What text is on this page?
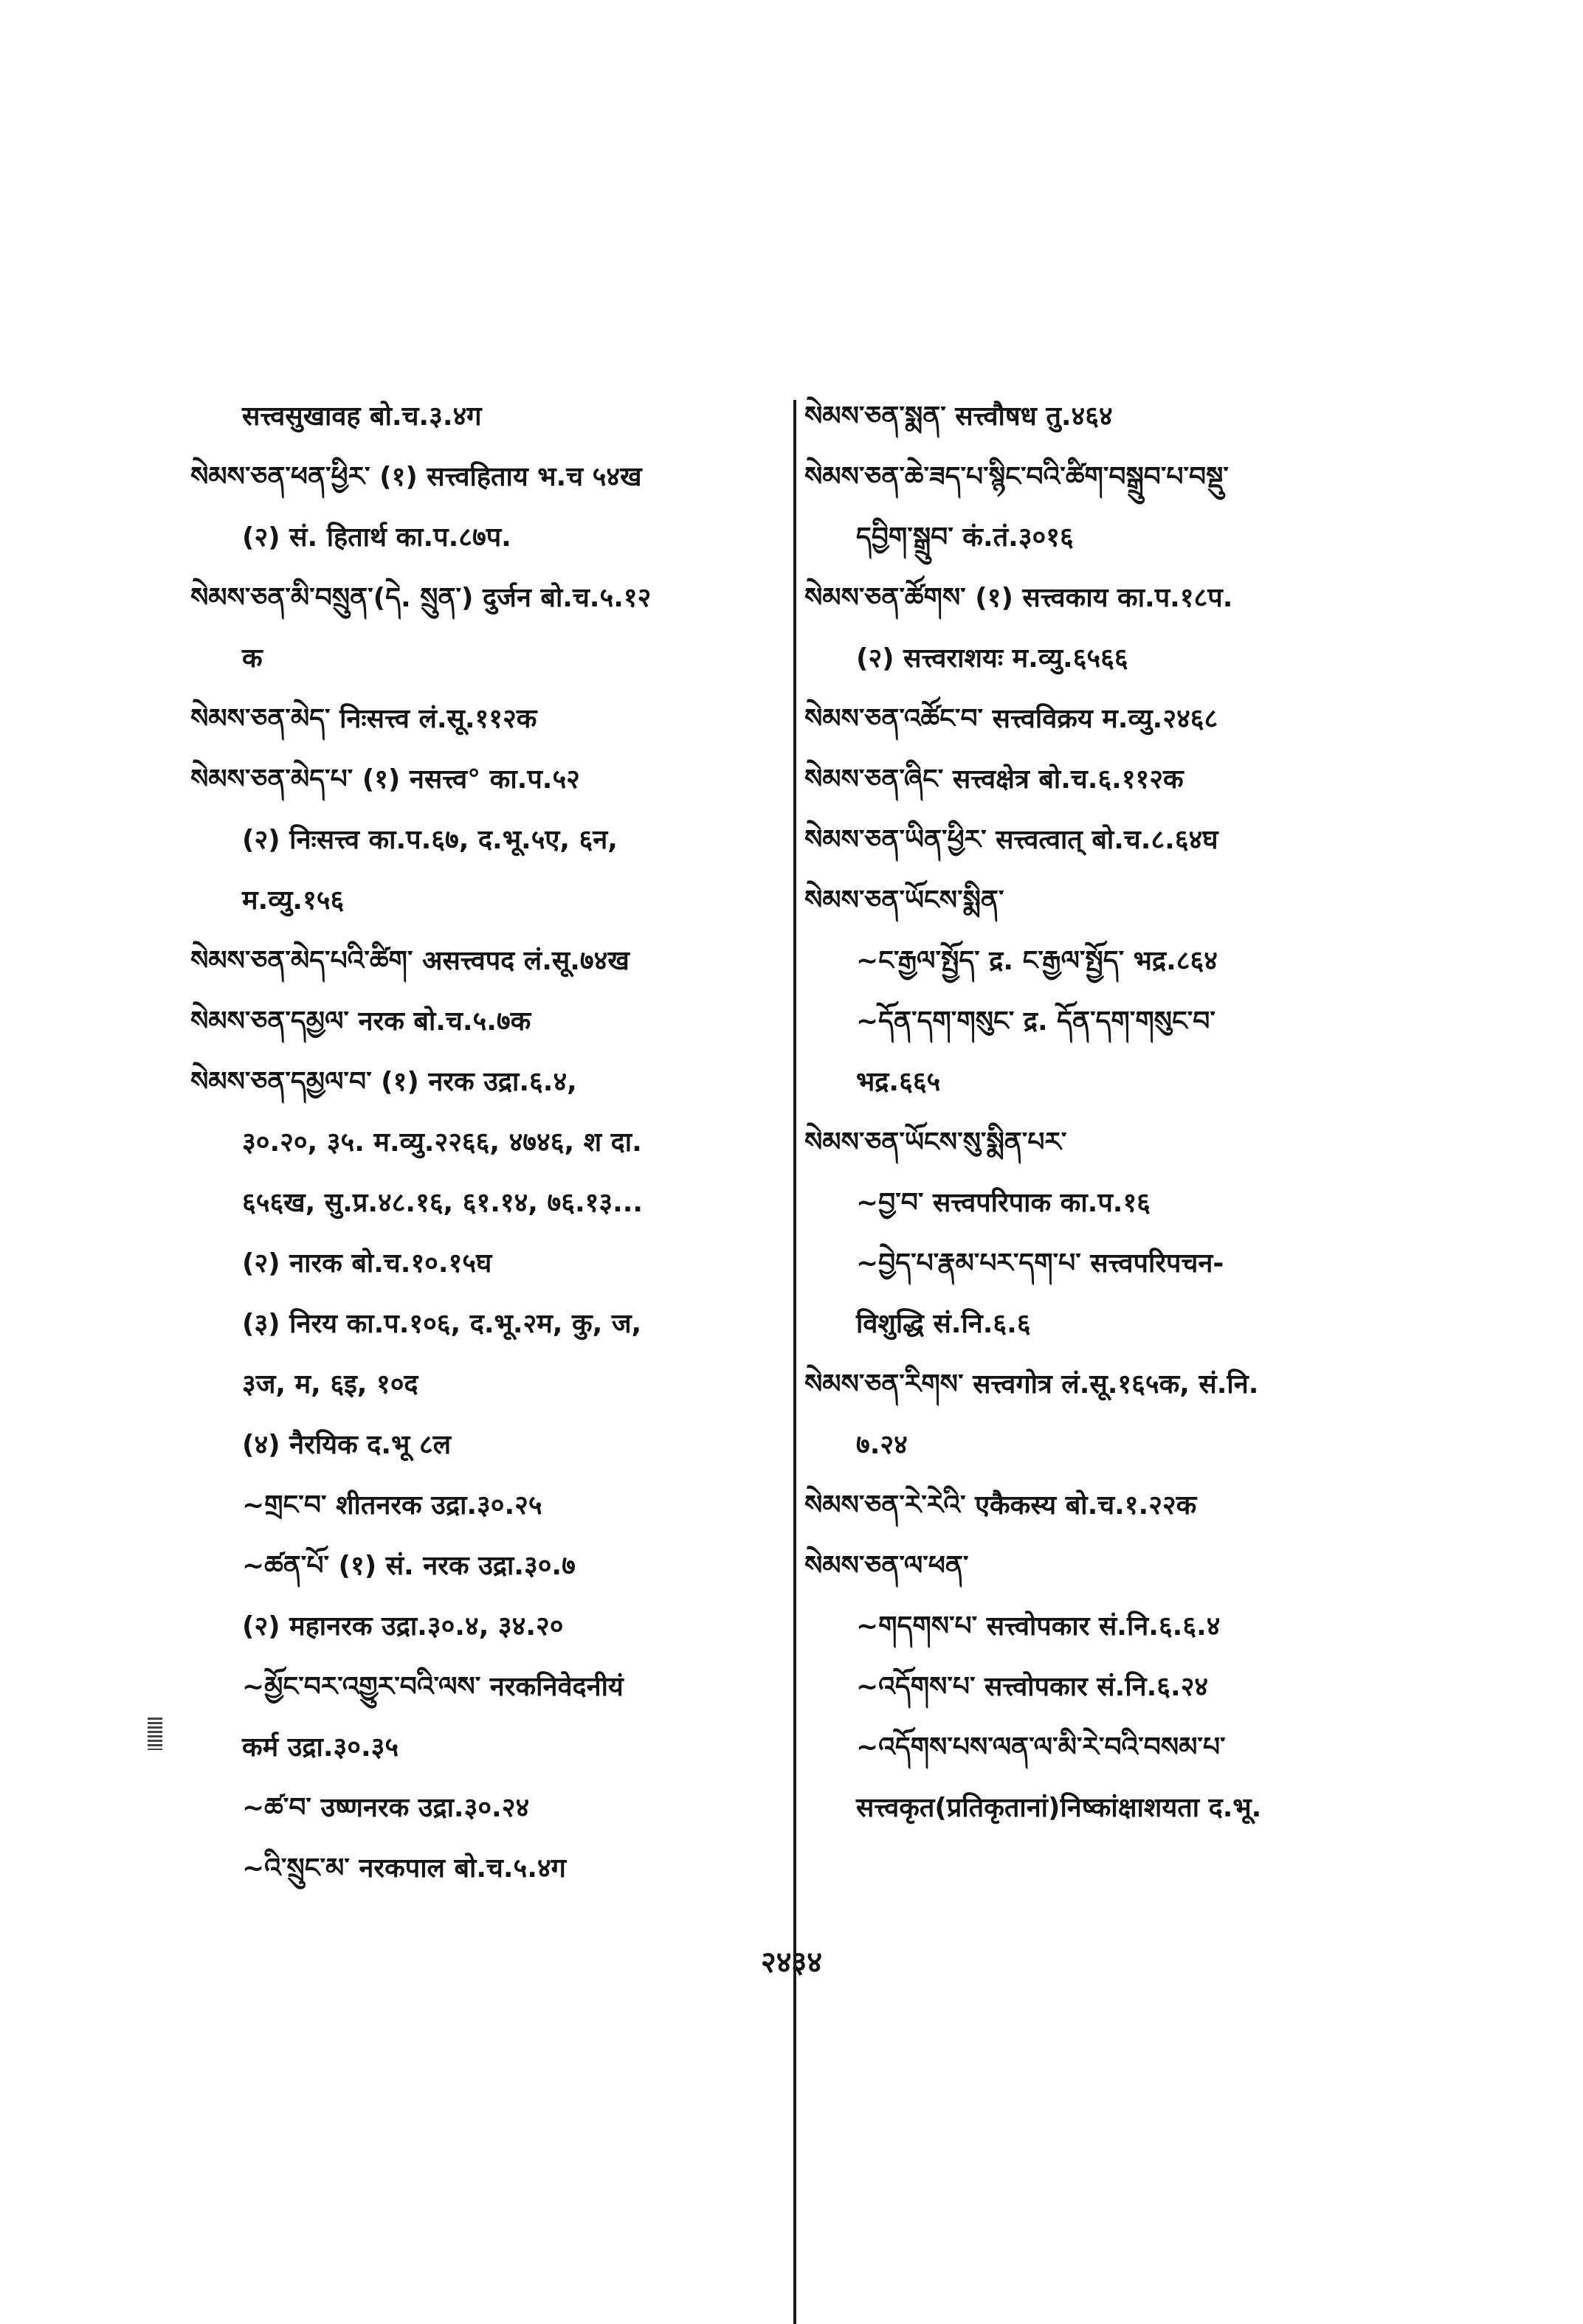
सत्त्वसुखावह बो.च.३.४ग
སེམས་ཅན་ཕན་ཕྱིར་ (१) सत्त्वहिताय भ.च ५४ख
(२) सं. हितार्थ का.प.८७प.
སེམས་ཅན་མི་བསྲུན་(དེ. སྲུན་) दुर्जन बो.च.५.१२
क
སེམས་ཅན་མེད་ निःसत्त्व लं.सू.११२क
སེམས་ཅན་མེད་པ་ (१) नसत्त्व° का.प.५२
(२) निःसत्त्व का.प.६७, द.भू.५ए, ६न,
म.व्यु.१५६
སེམས་ཅན་མེད་པའི་ཚིག་ असत्त्वपद लं.सू.७४ख
སེམས་ཅན་དམྱལ་ नरक बो.च.५.७क
སེམས་ཅན་དམྱལ་བ་ (१) नरक उद्रा.६.४,
३०.२०, ३५. म.व्यु.२२६६, ४७४६, श दा.
६५६ख, सु.प्र.४८.१६, ६१.१४, ७६.१३...
(२) नारक बो.च.१०.१५घ
(३) निरय का.प.१०६, द.भू.२म, कु, ज,
३ज, म, ६इ, १०द
(४) नैरयिक द.भू ८ल
~གྲང་བ་ शीतनरक उद्रा.३०.२५
~ཚན་པོ་ (१) सं. नरक उद्रा.३०.७
(२) महानरक उद्रा.३०.४, ३४.२०
~མྱོང་བར་འགྱུར་བའི་ལས་ नरकनिवेदनीयं
कर्म उद्रा.३०.३५
~ཚ་བ་ उष्णनरक उद्रा.३०.२४
~འི་སྲུང་མ་ नरकपाल बो.च.५.४ग
སེམས་ཅན་སྨན་ सत्त्वौषध तु.४६४
སེམས་ཅན་ཆེ་ཟད་པ་སྙིང་བའི་ཚིག་བསྒྲུབ་པ་བསྡུ་
དབྱིག་སྒྲུབ་ कं.तं.३०१६
སེམས་ཅན་ཚོགས་ (१) सत्त्वकाय का.प.१८प.
(२) सत्त्वराशयः म.व्यु.६५६६
སེམས་ཅན་འཚོང་བ་ सत्त्वविक्रय म.व्यु.२४६८
སེམས་ཅན་ཞིང་ सत्त्वक्षेत्र बो.च.६.११२क
སེམས་ཅན་ཡིན་ཕྱིར་ सत्त्वत्वात् बो.च.८.६४घ
སེམས་ཅན་ཡོངས་སྨིན་
~ང་རྒྱལ་སྤྱོད་ द्र. ང་རྒྱལ་སྤྱོད་ भद्र.८६४
~དོན་དག་གསུང་ द्र. དོན་དག་གསུང་བ་
भद्र.६६५
སེམས་ཅན་ཡོངས་སུ་སྨིན་པར་
~བྱ་བ་ सत्त्वपरिपाक का.प.१६
~བྱེད་པ་རྣམ་པར་དག་པ་ सत्त्वपरिपचन-
विशुद्धि सं.नि.६.६
སེམས་ཅན་རིགས་ सत्त्वगोत्र लं.सू.१६५क, सं.नि.
७.२४
སེམས་ཅན་རེ་རེའི་ एकैकस्य बो.च.१.२२क
སེམས་ཅན་ལ་ཕན་
~གདགས་པ་ सत्त्वोपकार सं.नि.६.६.४
~འདོགས་པ་ सत्त्वोपकार सं.नि.६.२४
~འདོགས་པས་ལན་ལ་མི་རེ་བའི་བསམ་པ་
सत्त्वकृत(प्रतिकृतानां)निष्कांक्षाशयता द.भू.
२४३४
